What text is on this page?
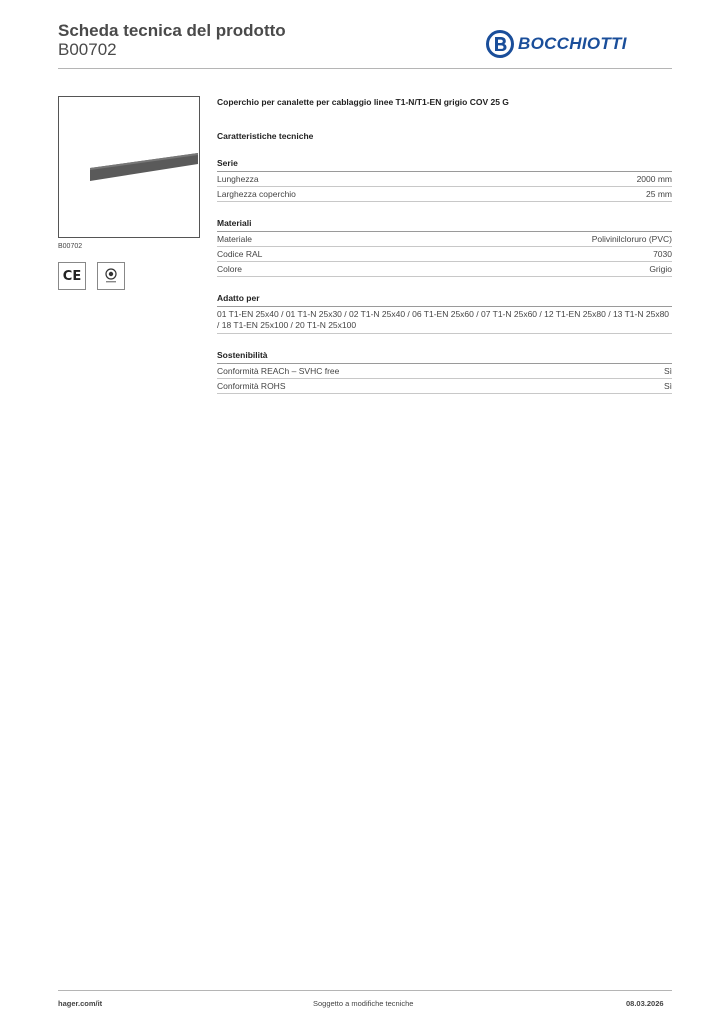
Scheda tecnica del prodotto
B00702	BOCCHIOTTI
B00702
CE
Coperchio per canalette per cablaggio linee T1-N/T1-EN grigio COV 25 G
Caratteristiche tecniche
Serie
Lunghezza	2000 mm
Larghezza coperchio	25 mm
Materiali
Materiale	Polivinilcloruro (PVC)
Codice RAL	7030
Colore	Grigio
Adatto per
01 T1-EN 25x40 / 01 T1-N 25x30 / 02 T1-N 25x40 / 06 T1-EN 25x60 / 07 T1-N 25x60 / 12 T1-EN 25x80 / 13 T1-N 25x80 / 18 T1-EN 25x100 / 20 T1-N 25x100
Sostenibilità
Conformità REACh – SVHC free	Sì
Conformità ROHS	Sì
hager.com/it	Soggetto a modifiche tecniche	08.03.2026
